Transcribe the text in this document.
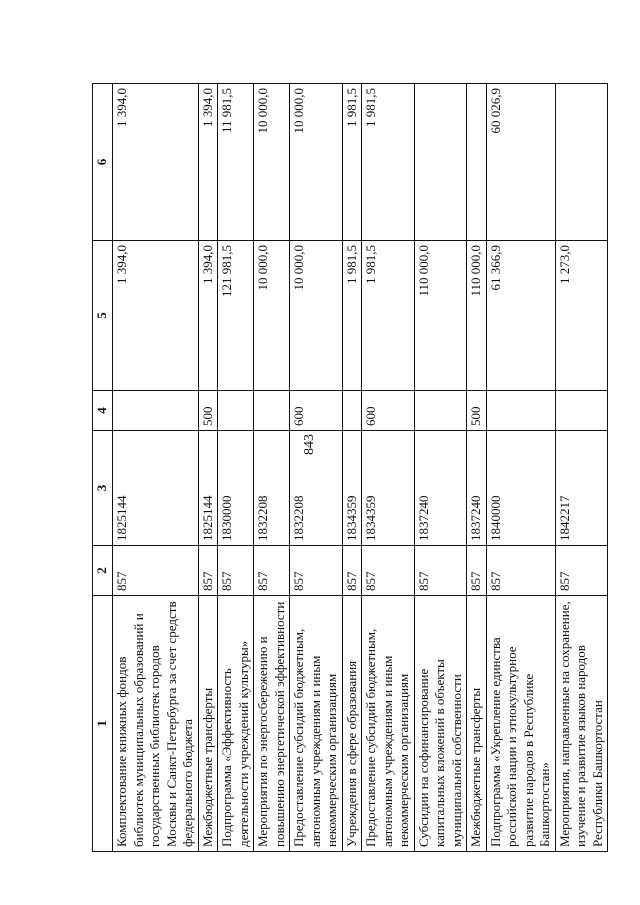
843
1	2	3	4	5	6
Комплектование книжных фондов библиотек муниципальных образований и государственных библиотек городов Москвы и Санкт-Петербурга за счет средств федерального бюджета	857	1825144		1 394,0	1 394,0
Межбюджетные трансферты	857	1825144	500	1 394,0	1 394,0
Подпрограмма «Эффективность деятельности учреждений культуры»	857	1830000		121 981,5	11 981,5
Мероприятия по энергосбережению и повышению энергетической эффективности	857	1832208		10 000,0	10 000,0
Предоставление субсидий бюджетным, автономным учреждениям и иным некоммерческим организациям	857	1832208	600	10 000,0	10 000,0
Учреждения в сфере образования	857	1834359		1 981,5	1 981,5
Предоставление субсидий бюджетным, автономным учреждениям и иным некоммерческим организациям	857	1834359	600	1 981,5	1 981,5
Субсидии на софинансирование капитальных вложений в объекты муниципальной собственности	857	1837240		110 000,0	
Межбюджетные трансферты	857	1837240	500	110 000,0	
Подпрограмма «Укрепление единства российской нации и этнокультурное развитие народов в Республике Башкортостан»	857	1840000		61 366,9	60 026,9
Мероприятия, направленные на сохранение, изучение и развитие языков народов Республики Башкортостан	857	1842217		1 273,0	
